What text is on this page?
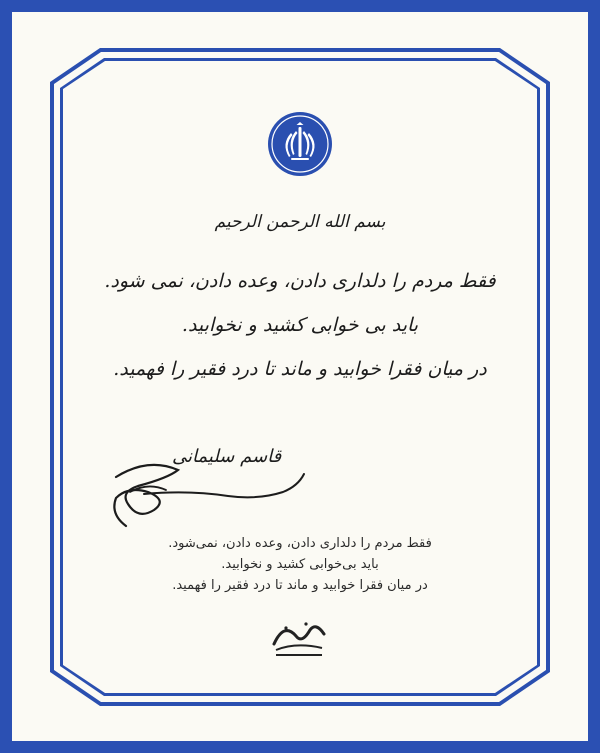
بسم الله الرحمن الرحیم
فقط مردم را دلداری دادن، وعده دادن، نمی شود.
باید بی خوابی کشید و نخوابید.
در میان فقرا خوابید و ماند تا درد فقیر را فهمید.
قاسم سلیمانی
فقط مردم را دلداری دادن، وعده دادن، نمی‌شود.
باید بی‌خوابی کشید و نخوابید.
در میان فقرا خوابید و ماند تا درد فقیر را فهمید.
